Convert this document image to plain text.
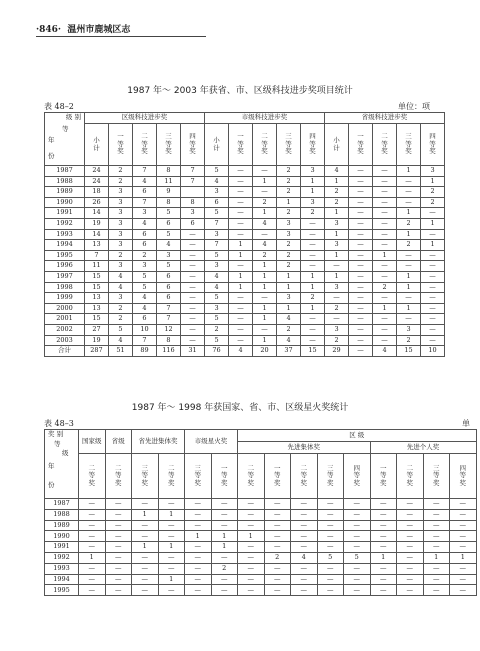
·846· 温州市鹿城区志
1987 年～ 2003 年获省、市、区级科技进步奖项目统计
表 48–2	单位：项
级 别
等
年
份	区级科技进步奖					市级科技进步奖					省级科技进步奖				
	小
计	一
等
奖	二
等
奖	三
等
奖	四
等
奖	小
计	一
等
奖	二
等
奖	三
等
奖	四
等
奖	小
计	一
等
奖	二
等
奖	三
等
奖	四
等
奖
1987	24	2	7	8	7	5	—	—	2	3	4	—	—	1	3
1988	24	2	4	11	7	4	—	1	2	1	1	—	—	—	1
1989	18	3	6	9		3	—	—	2	1	2	—	—	—	2
1990	26	3	7	8	8	6	—	2	1	3	2	—	—	—	2
1991	14	3	3	5	3	5	—	1	2	2	1	—	—	1	—
1992	19	3	4	6	6	7	—	4	3	—	3	—	—	2	1
1993	14	3	6	5	—	3	—	—	3	—	1	—	—	1	—
1994	13	3	6	4	—	7	1	4	2	—	3	—	—	2	1
1995	7	2	2	3	—	5	1	2	2	—	1	—	1	—	—
1996	11	3	3	5	—	3	—	1	2	—	—	—	—	—	—
1997	15	4	5	6	—	4	1	1	1	1	1	—	—	1	—
1998	15	4	5	6	—	4	1	1	1	1	3	—	2	1	—
1999	13	3	4	6	—	5	—	—	3	2	—	—	—	—	—
2000	13	2	4	7	—	3	—	1	1	1	2	—	1	1	—
2001	15	2	6	7	—	5	—	1	4	—	—	—	—	—	—
2002	27	5	10	12	—	2	—	—	2	—	3	—	—	3	—
2003	19	4	7	8	—	5	—	1	4	—	2	—	—	2	—
合计	287	51	89	116	31	76	4	20	37	15	29	—	4	15	10
1987 年～ 1998 年获国家、省、市、区级星火奖统计
表 48–3	单
奖 别
等
级
年
份	国家级	省级	省先进集体奖		市级星火奖		区 级								
							先进集体奖					先进个人奖			
	二
等
奖	二
等
奖	三
等
奖	二
等
奖	三
等
奖	一
等
奖	二
等
奖	一
等
奖	二
等
奖	三
等
奖	四
等
奖	一
等
奖	二
等
奖	三
等
奖	四
等
奖
1987	—	—	—	—	—	—	—	—	—	—	—	—	—	—	—
1988	—	—	1	1	—	—	—	—	—	—	—	—	—	—	—
1989	—	—	—	—	—	—	—	—	—	—	—	—	—	—	—
1990	—	—	—	—	1	1	1	—	—	—	—	—	—	—	—
1991	—	—	1	1	—	1	—	—	—	—	—	—	—	—	—
1992	1	—	—	—	—	—	—	2	4	5	5	1	—	1	1
1993	—	—	—	—	—	2	—	—	—	—	—	—	—	—	—
1994	—	—	—	1	—	—	—	—	—	—	—	—	—	—	—
1995	—	—	—	—	—	—	—	—	—	—	—	—	—	—	—
